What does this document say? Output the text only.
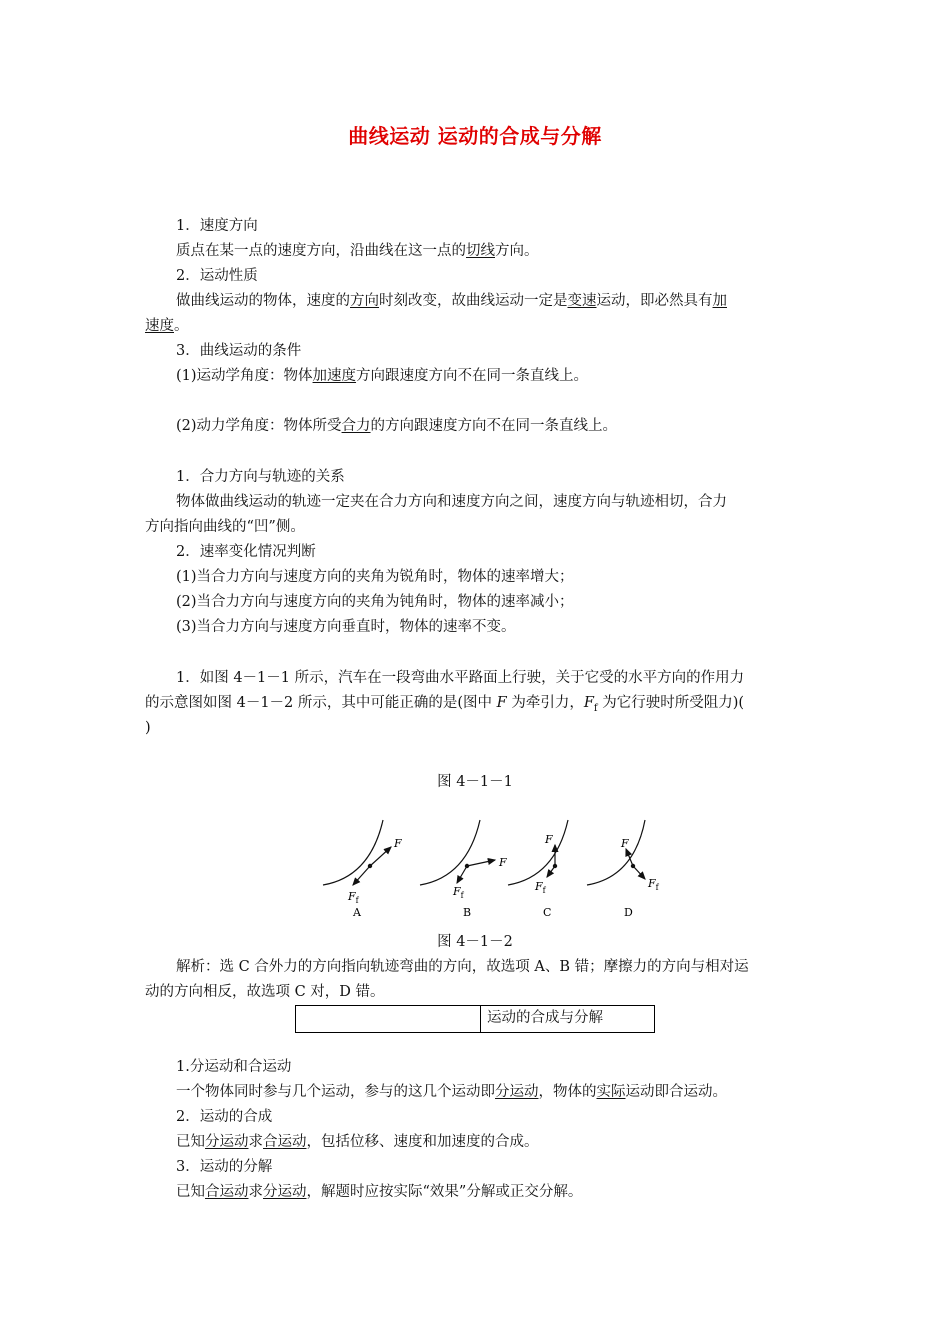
曲线运动 运动的合成与分解
1．速度方向
质点在某一点的速度方向，沿曲线在这一点的切线方向。
2．运动性质
做曲线运动的物体，速度的方向时刻改变，故曲线运动一定是变速运动，即必然具有加
速度。
3．曲线运动的条件
(1)运动学角度：物体加速度方向跟速度方向不在同一条直线上。
(2)动力学角度：物体所受合力的方向跟速度方向不在同一条直线上。
1．合力方向与轨迹的关系
物体做曲线运动的轨迹一定夹在合力方向和速度方向之间，速度方向与轨迹相切，合力
方向指向曲线的“凹”侧。
2．速率变化情况判断
(1)当合力方向与速度方向的夹角为锐角时，物体的速率增大；
(2)当合力方向与速度方向的夹角为钝角时，物体的速率减小；
(3)当合力方向与速度方向垂直时，物体的速率不变。
1．如图 4－1－1 所示，汽车在一段弯曲水平路面上行驶，关于它受的水平方向的作用力
的示意图如图 4－1－2 所示，其中可能正确的是(图中 F 为牵引力，$F_f$ 为它行驶时所受阻力)(
)
图 4－1－1
F
$F_f$
A
F
$F_f$
B
F
$F_f$
C
F
$F_f$
D
图 4－1－2
解析：选 C 合外力的方向指向轨迹弯曲的方向，故选项 A、B 错；摩擦力的方向与相对运
动的方向相反，故选项 C 对，D 错。
运动的合成与分解
1.分运动和合运动
一个物体同时参与几个运动，参与的这几个运动即分运动，物体的实际运动即合运动。
2．运动的合成
已知分运动求合运动，包括位移、速度和加速度的合成。
3．运动的分解
已知合运动求分运动，解题时应按实际“效果”分解或正交分解。
